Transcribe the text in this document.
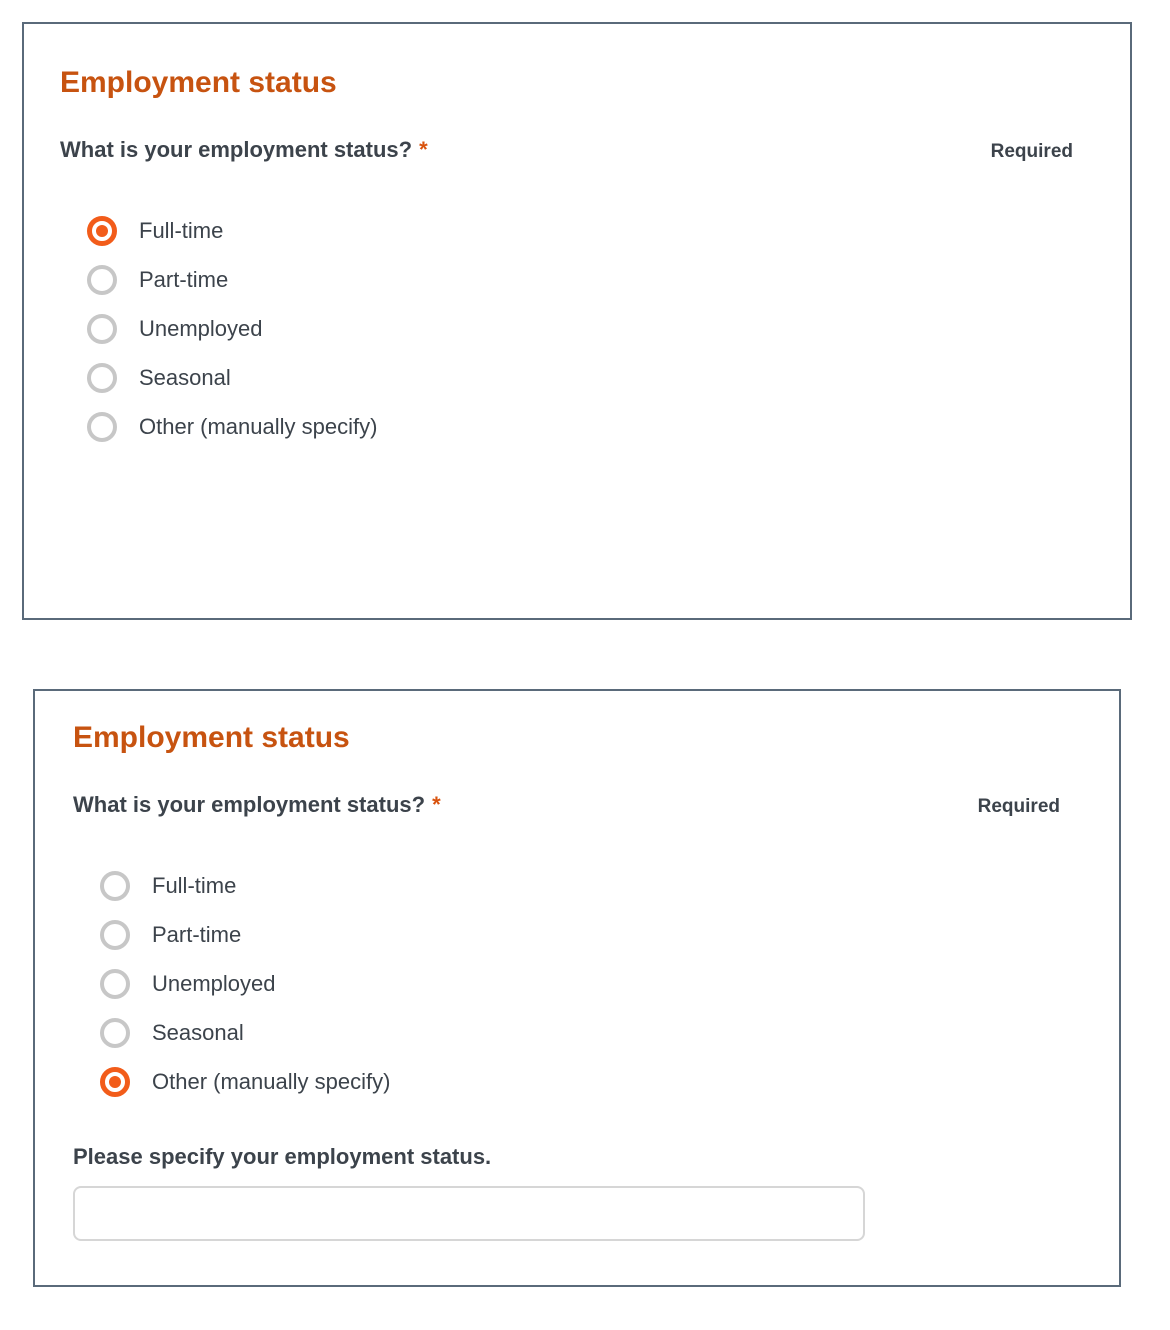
Employment status
What is your employment status? *	Required
Full-time
Part-time
Unemployed
Seasonal
Other (manually specify)
Employment status
What is your employment status? *	Required
Full-time
Part-time
Unemployed
Seasonal
Other (manually specify)
Please specify your employment status.
